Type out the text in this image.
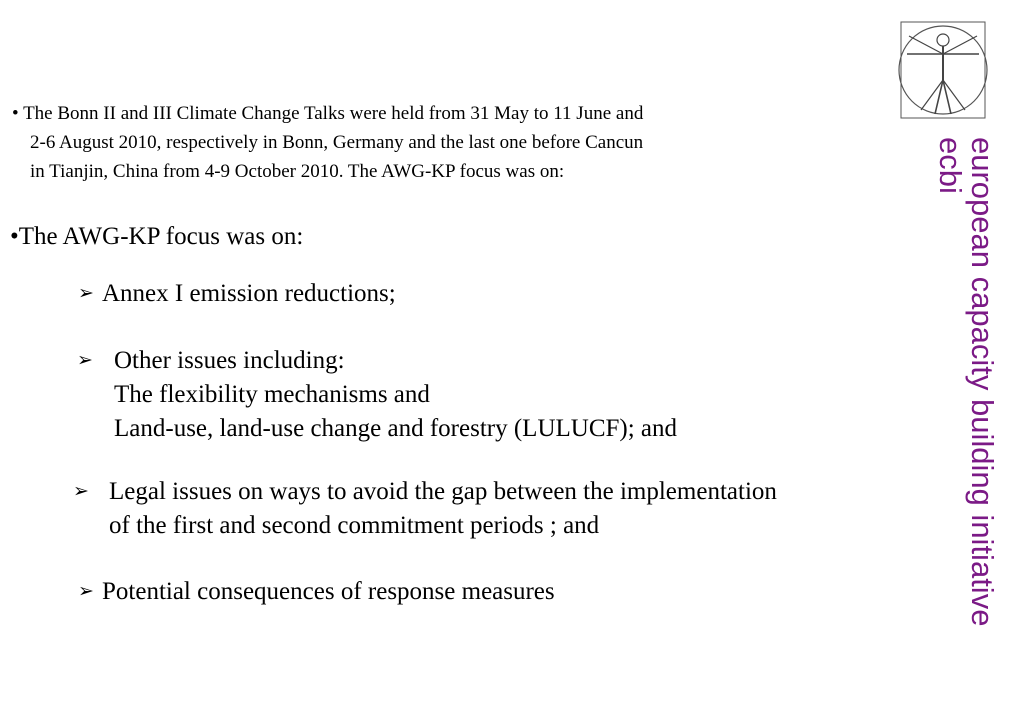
• The Bonn II and III Climate Change Talks were held from 31 May to 11 June and
2-6 August 2010, respectively in Bonn, Germany and the last one before Cancun
in Tianjin, China from 4-9 October 2010. The AWG-KP focus was on:
•The AWG-KP focus was on:
➢ Annex I emission reductions;
➢ Other issues including:
The flexibility mechanisms and
Land-use, land-use change and forestry (LULUCF); and
➢ Legal issues on ways to avoid the gap between the implementation
of the first and second commitment periods ; and
➢ Potential consequences of response measures	european capacity building initiative
ecbi
